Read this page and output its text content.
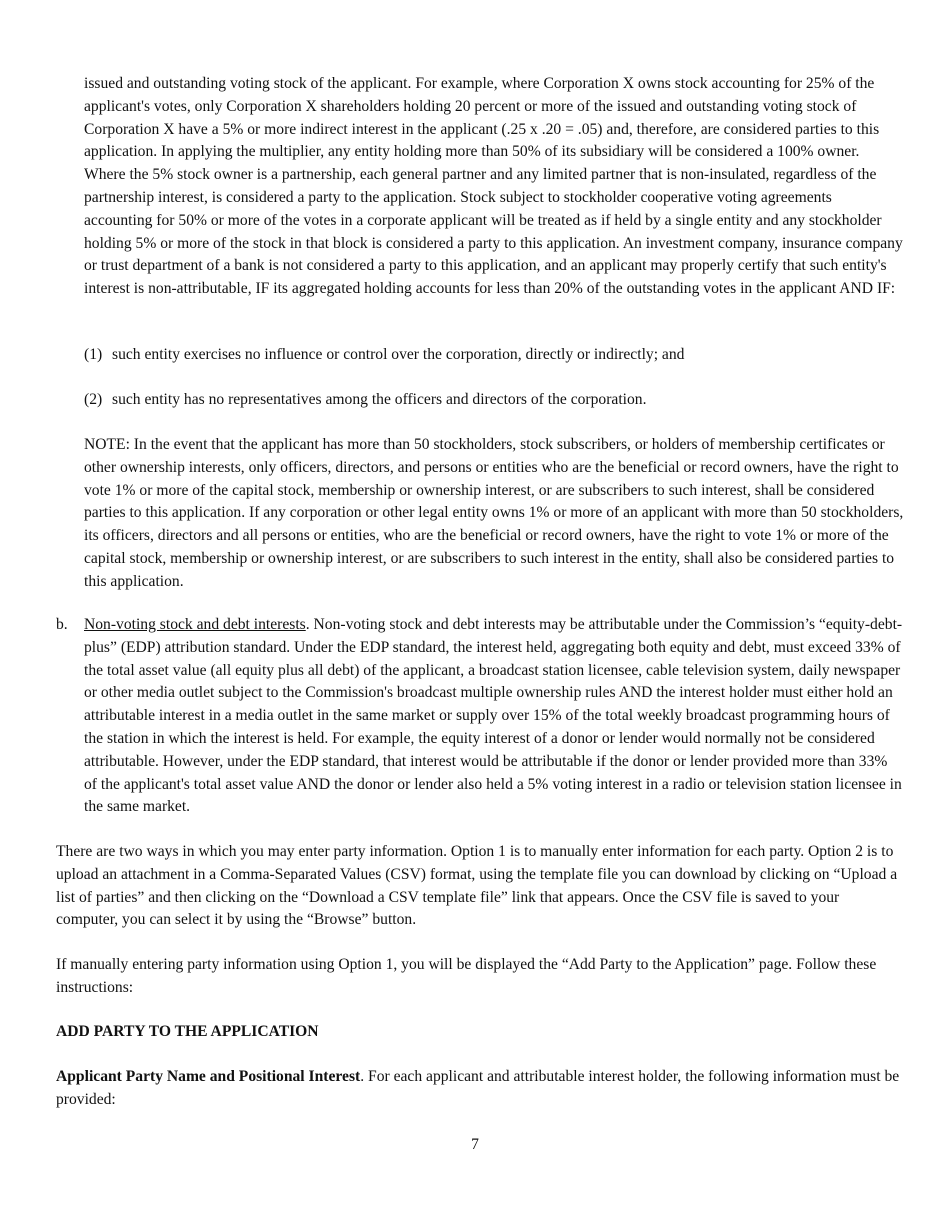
issued and outstanding voting stock of the applicant. For example, where Corporation X owns stock accounting for 25% of the applicant's votes, only Corporation X shareholders holding 20 percent or more of the issued and outstanding voting stock of Corporation X have a 5% or more indirect interest in the applicant (.25 x .20 = .05) and, therefore, are considered parties to this application. In applying the multiplier, any entity holding more than 50% of its subsidiary will be considered a 100% owner. Where the 5% stock owner is a partnership, each general partner and any limited partner that is non-insulated, regardless of the partnership interest, is considered a party to the application. Stock subject to stockholder cooperative voting agreements accounting for 50% or more of the votes in a corporate applicant will be treated as if held by a single entity and any stockholder holding 5% or more of the stock in that block is considered a party to this application. An investment company, insurance company or trust department of a bank is not considered a party to this application, and an applicant may properly certify that such entity's interest is non-attributable, IF its aggregated holding accounts for less than 20% of the outstanding votes in the applicant AND IF:

(1) such entity exercises no influence or control over the corporation, directly or indirectly; and

(2) such entity has no representatives among the officers and directors of the corporation.

NOTE: In the event that the applicant has more than 50 stockholders, stock subscribers, or holders of membership certificates or other ownership interests, only officers, directors, and persons or entities who are the beneficial or record owners, have the right to vote 1% or more of the capital stock, membership or ownership interest, or are subscribers to such interest, shall be considered parties to this application. If any corporation or other legal entity owns 1% or more of an applicant with more than 50 stockholders, its officers, directors and all persons or entities, who are the beneficial or record owners, have the right to vote 1% or more of the capital stock, membership or ownership interest, or are subscribers to such interest in the entity, shall also be considered parties to this application.

b.	Non-voting stock and debt interests. Non-voting stock and debt interests may be attributable under the Commission’s “equity-debt-plus” (EDP) attribution standard. Under the EDP standard, the interest held, aggregating both equity and debt, must exceed 33% of the total asset value (all equity plus all debt) of the applicant, a broadcast station licensee, cable television system, daily newspaper or other media outlet subject to the Commission's broadcast multiple ownership rules AND the interest holder must either hold an attributable interest in a media outlet in the same market or supply over 15% of the total weekly broadcast programming hours of the station in which the interest is held. For example, the equity interest of a donor or lender would normally not be considered attributable. However, under the EDP standard, that interest would be attributable if the donor or lender provided more than 33% of the applicant's total asset value AND the donor or lender also held a 5% voting interest in a radio or television station licensee in the same market.

There are two ways in which you may enter party information. Option 1 is to manually enter information for each party. Option 2 is to upload an attachment in a Comma-Separated Values (CSV) format, using the template file you can download by clicking on “Upload a list of parties” and then clicking on the “Download a CSV template file” link that appears. Once the CSV file is saved to your computer, you can select it by using the “Browse” button.

If manually entering party information using Option 1, you will be displayed the “Add Party to the Application” page. Follow these instructions:

ADD PARTY TO THE APPLICATION

Applicant Party Name and Positional Interest. For each applicant and attributable interest holder, the following information must be provided:

7
